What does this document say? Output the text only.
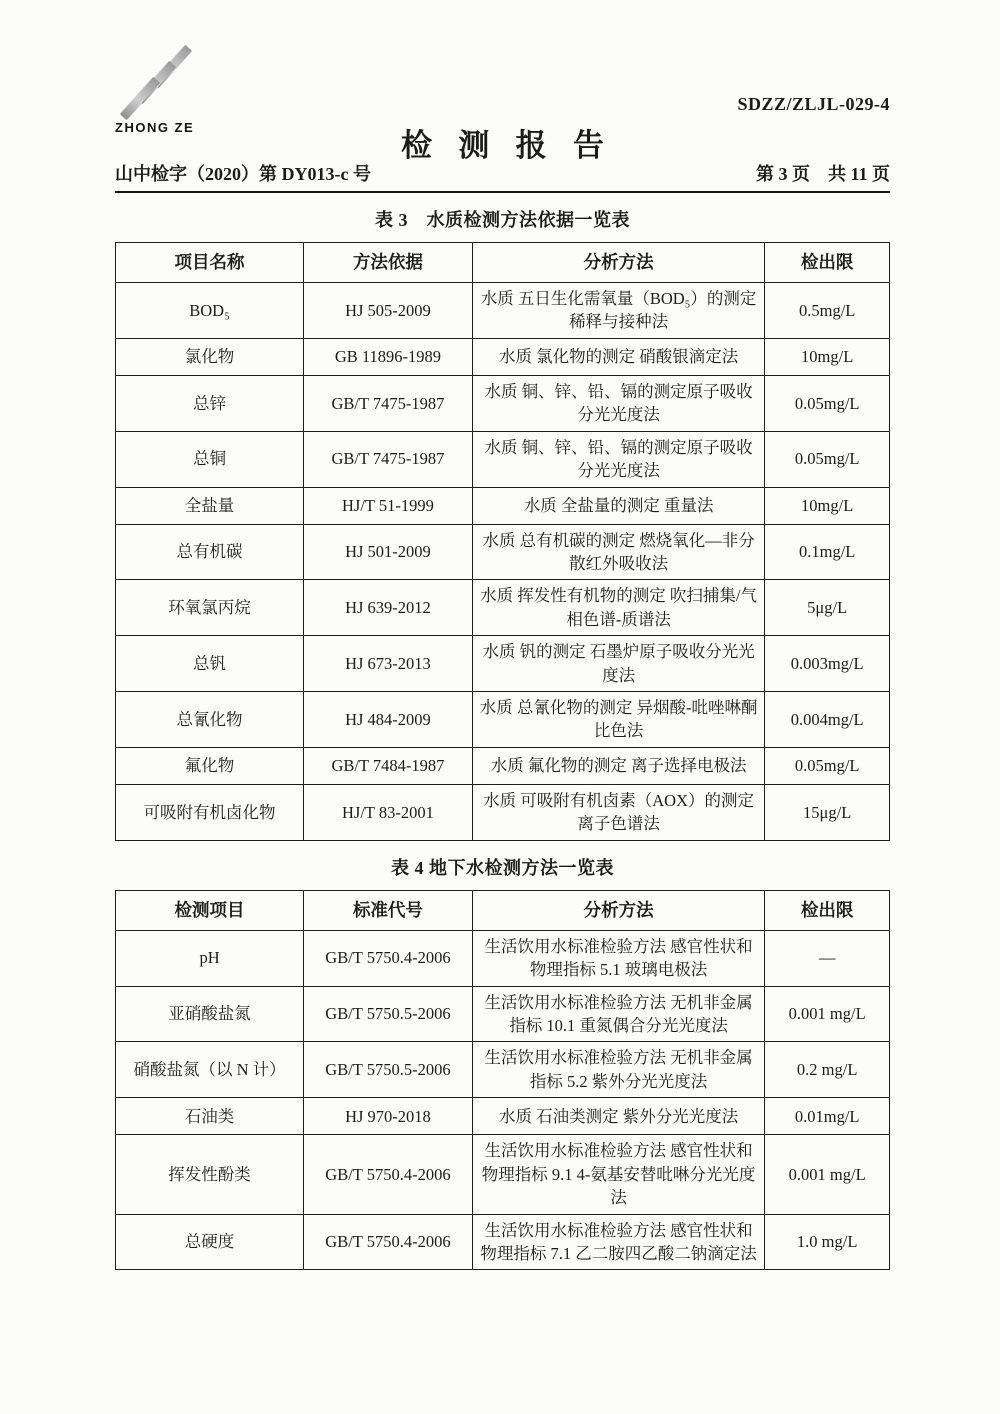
ZHONG ZE
SDZZ/ZLJL-029-4
检测报告
山中检字（2020）第 DY013-c 号	第 3 页　共 11 页
表 3　水质检测方法依据一览表
项目名称	方法依据	分析方法	检出限
BOD₅	HJ 505-2009	水质 五日生化需氧量（BOD₅）的测定稀释与接种法	0.5mg/L
氯化物	GB 11896-1989	水质 氯化物的测定 硝酸银滴定法	10mg/L
总锌	GB/T 7475-1987	水质 铜、锌、铅、镉的测定原子吸收分光光度法	0.05mg/L
总铜	GB/T 7475-1987	水质 铜、锌、铅、镉的测定原子吸收分光光度法	0.05mg/L
全盐量	HJ/T 51-1999	水质 全盐量的测定 重量法	10mg/L
总有机碳	HJ 501-2009	水质 总有机碳的测定 燃烧氧化—非分散红外吸收法	0.1mg/L
环氧氯丙烷	HJ 639-2012	水质 挥发性有机物的测定 吹扫捕集/气相色谱-质谱法	5μg/L
总钒	HJ 673-2013	水质 钒的测定 石墨炉原子吸收分光光度法	0.003mg/L
总氰化物	HJ 484-2009	水质 总氰化物的测定 异烟酸-吡唑啉酮比色法	0.004mg/L
氟化物	GB/T 7484-1987	水质 氟化物的测定 离子选择电极法	0.05mg/L
可吸附有机卤化物	HJ/T 83-2001	水质 可吸附有机卤素（AOX）的测定 离子色谱法	15μg/L
表 4 地下水检测方法一览表
检测项目	标准代号	分析方法	检出限
pH	GB/T 5750.4-2006	生活饮用水标准检验方法 感官性状和物理指标 5.1 玻璃电极法	—
亚硝酸盐氮	GB/T 5750.5-2006	生活饮用水标准检验方法 无机非金属指标 10.1 重氮偶合分光光度法	0.001 mg/L
硝酸盐氮（以 N 计）	GB/T 5750.5-2006	生活饮用水标准检验方法 无机非金属指标 5.2 紫外分光光度法	0.2 mg/L
石油类	HJ 970-2018	水质 石油类测定 紫外分光光度法	0.01mg/L
挥发性酚类	GB/T 5750.4-2006	生活饮用水标准检验方法 感官性状和物理指标 9.1 4-氨基安替吡啉分光光度法	0.001 mg/L
总硬度	GB/T 5750.4-2006	生活饮用水标准检验方法 感官性状和物理指标 7.1 乙二胺四乙酸二钠滴定法	1.0 mg/L
